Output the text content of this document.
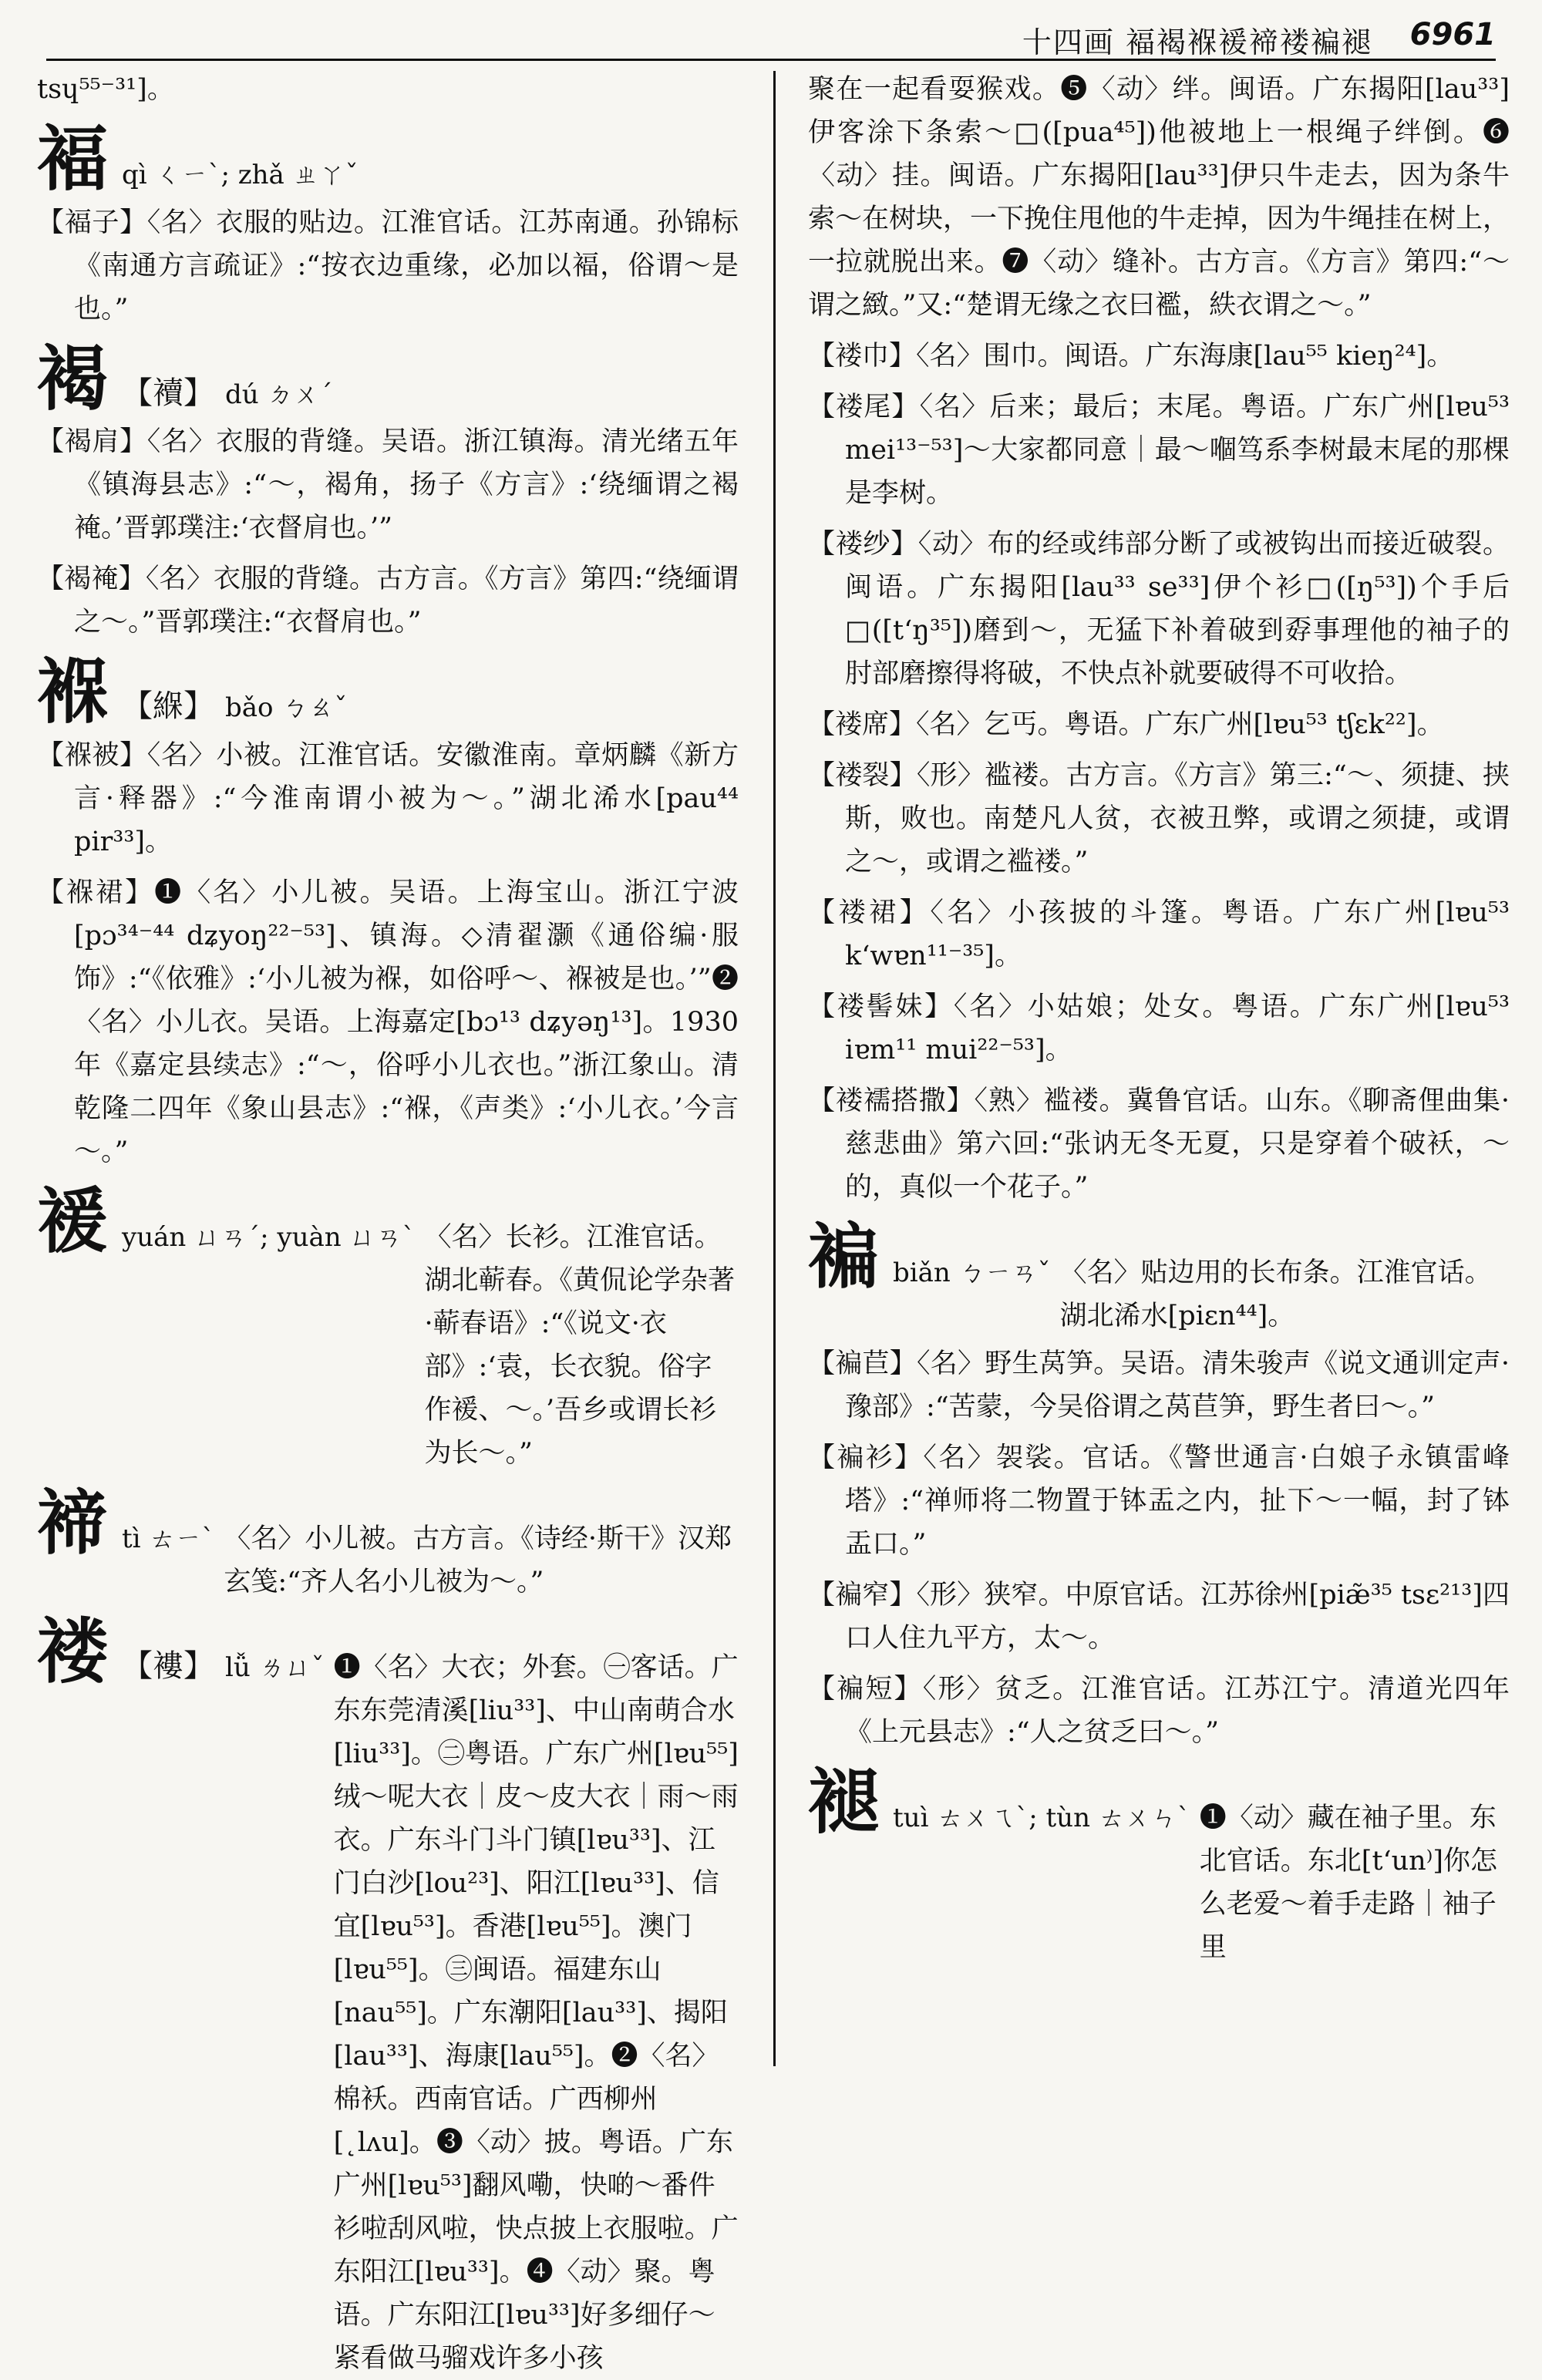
十四画 褔褐褓褑褅褛褊褪 6961
tsɥ⁵⁵⁻³¹]。
褔 qì ㄑㄧˋ; zhǎ ㄓㄚˇ

【褔子】〈名〉衣服的贴边。江淮官话。江苏南通。孙锦标《南通方言疏证》:“按衣边重缘，必加以褔，俗谓～是也。”

褐 【襩】 dú ㄉㄨˊ

【褐肩】〈名〉衣服的背缝。吴语。浙江镇海。清光绪五年《镇海县志》:“～，褐角，扬子《方言》:‘绕缅谓之褐裺。’晋郭璞注:‘衣督肩也。’”

【褐裺】〈名〉衣服的背缝。古方言。《方言》第四:“绕缅谓之～。”晋郭璞注:“衣督肩也。”

褓 【緥】 bǎo ㄅㄠˇ

【褓被】〈名〉小被。江淮官话。安徽淮南。章炳麟《新方言·释器》:“今淮南谓小被为～。”湖北浠水[pau⁴⁴ pir³³]。

【褓裙】❶〈名〉小儿被。吴语。上海宝山。浙江宁波[pɔ³⁴⁻⁴⁴ dʑyoŋ²²⁻⁵³]、镇海。◇清翟灏《通俗编·服饰》:“《依雅》:‘小儿被为褓，如俗呼～、褓被是也。’”❷〈名〉小儿衣。吴语。上海嘉定[bɔ¹³ dʑyəŋ¹³]。1930年《嘉定县续志》:“～，俗呼小儿衣也。”浙江象山。清乾隆二四年《象山县志》:“褓，《声类》:‘小儿衣。’今言～。”

褑 yuán ㄩㄢˊ; yuàn ㄩㄢˋ 〈名〉长衫。江淮官话。湖北蕲春。《黄侃论学杂著·蕲春语》:“《说文·衣部》:‘袁，长衣貌。俗字作褑、～。’吾乡或谓长衫为长～。”
褅 tì ㄊㄧˋ 〈名〉小儿被。古方言。《诗经·斯干》汉郑玄笺:“齐人名小儿被为～。”
褛 【褸】 lǚ ㄌㄩˇ ❶〈名〉大衣；外套。㊀客话。广东东莞清溪[liu³³]、中山南萌合水[liu³³]。㊁粤语。广东广州[lɐu⁵⁵]绒～呢大衣｜皮～皮大衣｜雨～雨衣。广东斗门斗门镇[lɐu³³]、江门白沙[lou²³]、阳江[lɐu³³]、信宜[lɐu⁵³]。香港[lɐu⁵⁵]。澳门[lɐu⁵⁵]。㊂闽语。福建东山[nau⁵⁵]。广东潮阳[lau³³]、揭阳[lau³³]、海康[lau⁵⁵]。❷〈名〉棉袄。西南官话。广西柳州[˛lʌu]。❸〈动〉披。粤语。广东广州[lɐu⁵³]翻风嘞，快啲～番件衫啦刮风啦，快点披上衣服啦。广东阳江[lɐu³³]。❹〈动〉聚。粤语。广东阳江[lɐu³³]好多细仔～紧看做马骝戏许多小孩
聚在一起看耍猴戏。❺〈动〉绊。闽语。广东揭阳[lau³³]伊客涂下条索～□([pua⁴⁵])他被地上一根绳子绊倒。❻〈动〉挂。闽语。广东揭阳[lau³³]伊只牛走去，因为条牛索～在树块，一下挽住甩他的牛走掉，因为牛绳挂在树上，一拉就脱出来。❼〈动〉缝补。古方言。《方言》第四:“～谓之緻。”又:“楚谓无缘之衣曰襤，紩衣谓之～。”

【褛巾】〈名〉围巾。闽语。广东海康[lau⁵⁵ kieŋ²⁴]。

【褛尾】〈名〉后来；最后；末尾。粤语。广东广州[lɐu⁵³ mei¹³⁻⁵³]～大家都同意｜最～嗰笃系李树最末尾的那棵是李树。

【褛纱】〈动〉布的经或纬部分断了或被钩出而接近破裂。闽语。广东揭阳[lau³³ se³³]伊个衫□([ŋ⁵³])个手后□([t‘ŋ³⁵])磨到～，无猛下补着破到孬事理他的袖子的肘部磨擦得将破，不快点补就要破得不可收拾。

【褛席】〈名〉乞丐。粤语。广东广州[lɐu⁵³ tʃɛk²²]。

【褛裂】〈形〉褴褛。古方言。《方言》第三:“～、须捷、挟斯，败也。南楚凡人贫，衣被丑弊，或谓之须捷，或谓之～，或谓之褴褛。”

【褛裙】〈名〉小孩披的斗篷。粤语。广东广州[lɐu⁵³ k‘wɐn¹¹⁻³⁵]。

【褛髻妹】〈名〉小姑娘；处女。粤语。广东广州[lɐu⁵³ iɐm¹¹ mui²²⁻⁵³]。

【褛襦搭撒】〈熟〉褴褛。冀鲁官话。山东。《聊斋俚曲集·慈悲曲》第六回:“张讷无冬无夏，只是穿着个破袄，～的，真似一个花子。”

褊 biǎn ㄅㄧㄢˇ 〈名〉贴边用的长布条。江淮官话。湖北浠水[piɛn⁴⁴]。

【褊苣】〈名〉野生莴笋。吴语。清朱骏声《说文通训定声·豫部》:“苦蒙，今吴俗谓之莴苣笋，野生者曰～。”

【褊衫】〈名〉袈裟。官话。《警世通言·白娘子永镇雷峰塔》:“禅师将二物置于钵盂之内，扯下～一幅，封了钵盂口。”

【褊窄】〈形〉狭窄。中原官话。江苏徐州[piæ̃³⁵ tsɛ²¹³]四口人住九平方，太～。

【褊短】〈形〉贫乏。江淮官话。江苏江宁。清道光四年《上元县志》:“人之贫乏曰～。”

褪 tuì ㄊㄨㄟˋ; tùn ㄊㄨㄣˋ ❶〈动〉藏在袖子里。东北官话。东北[t‘un⁾]你怎么老爱～着手走路｜袖子里
